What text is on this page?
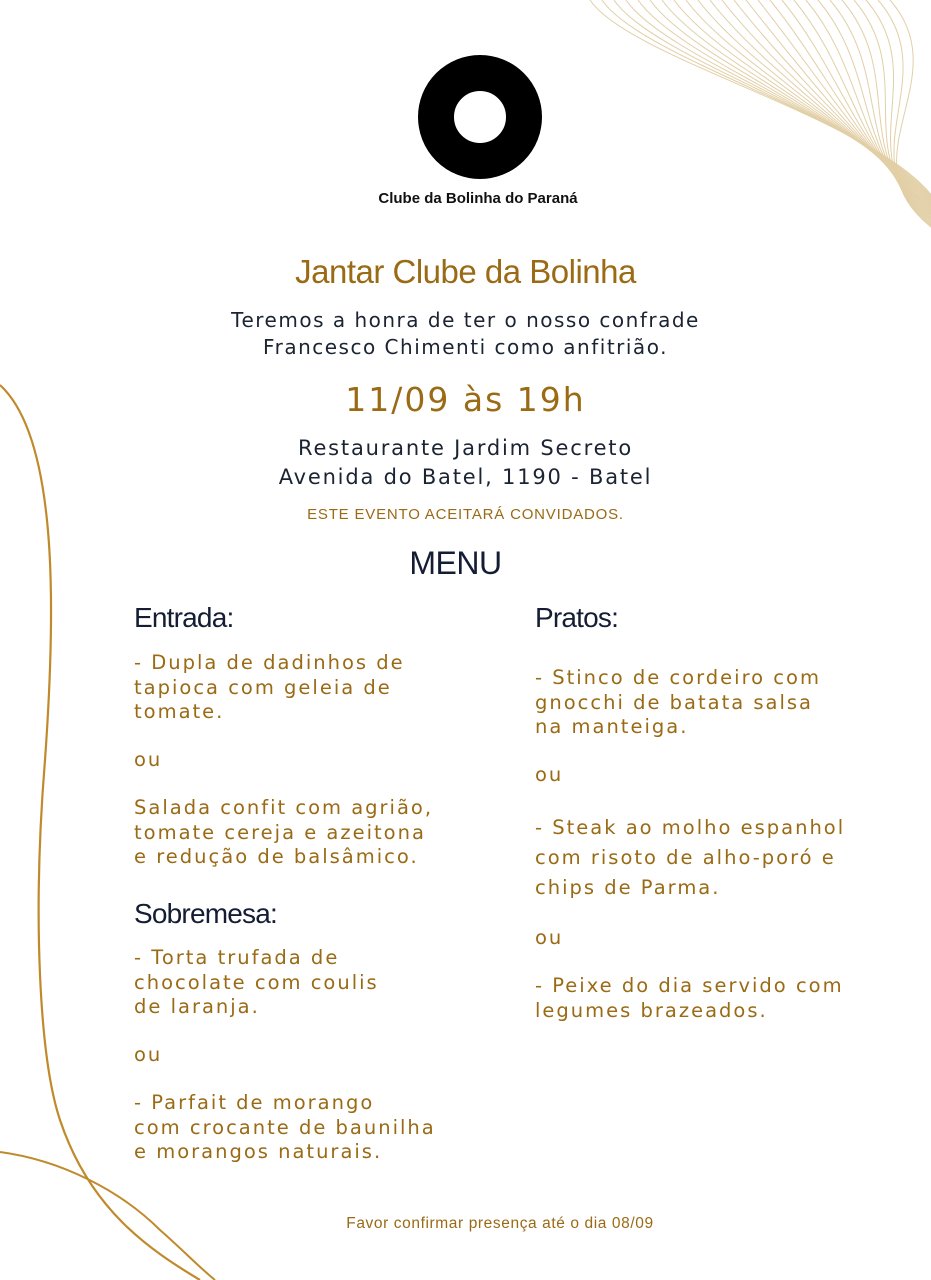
Clube da Bolinha do Paraná
Jantar Clube da Bolinha
Teremos a honra de ter o nosso confrade
Francesco Chimenti como anfitrião.
11/09 às 19h
Restaurante Jardim Secreto
Avenida do Batel, 1190 - Batel
ESTE EVENTO ACEITARÁ CONVIDADOS.
MENU
Entrada:
- Dupla de dadinhos de
tapioca com geleia de
tomate.
ou
Salada confit com agrião,
tomate cereja e azeitona
e redução de balsâmico.
Sobremesa:
- Torta trufada de
chocolate com coulis
de laranja.
ou
- Parfait de morango
com crocante de baunilha
e morangos naturais.
Pratos:
- Stinco de cordeiro com
gnocchi de batata salsa
na manteiga.
ou
- Steak ao molho espanhol
com risoto de alho-poró e
chips de Parma.
ou
- Peixe do dia servido com
legumes brazeados.
Favor confirmar presença até o dia 08/09
